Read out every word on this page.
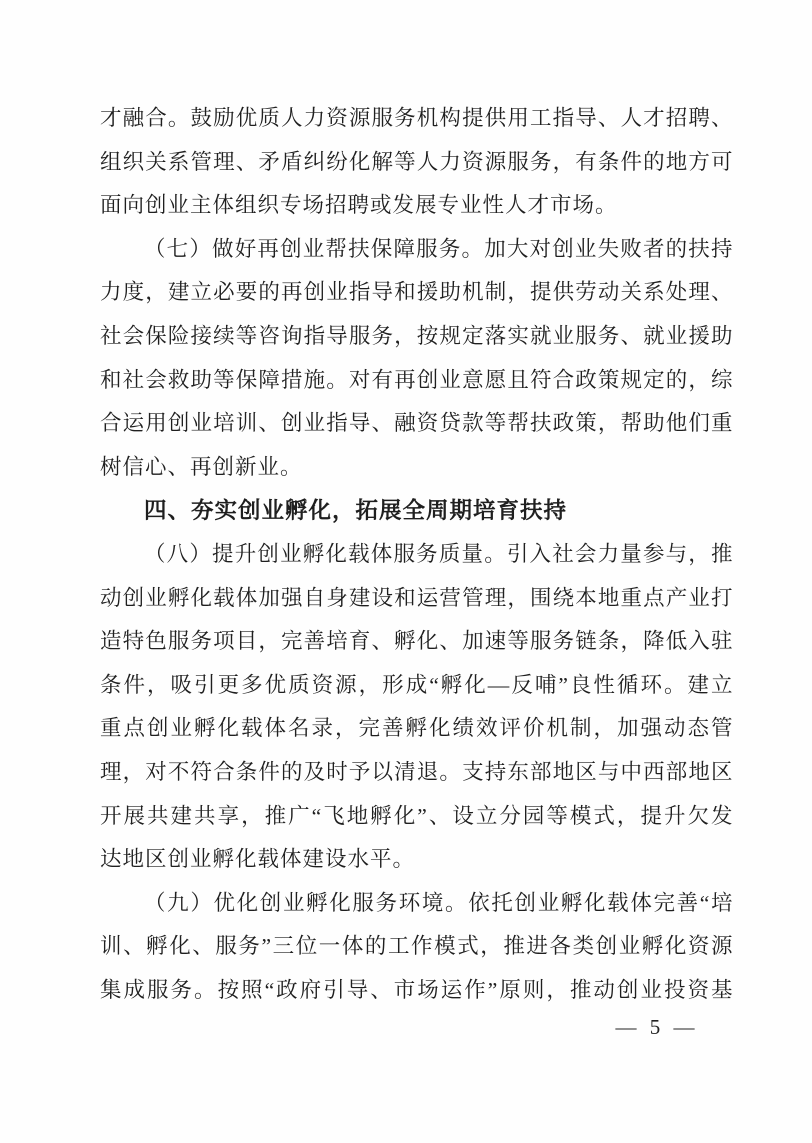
才融合。鼓励优质人力资源服务机构提供用工指导、人才招聘、
组织关系管理、矛盾纠纷化解等人力资源服务，有条件的地方可
面向创业主体组织专场招聘或发展专业性人才市场。
（七）做好再创业帮扶保障服务。加大对创业失败者的扶持
力度，建立必要的再创业指导和援助机制，提供劳动关系处理、
社会保险接续等咨询指导服务，按规定落实就业服务、就业援助
和社会救助等保障措施。对有再创业意愿且符合政策规定的，综
合运用创业培训、创业指导、融资贷款等帮扶政策，帮助他们重
树信心、再创新业。
四、夯实创业孵化，拓展全周期培育扶持
（八）提升创业孵化载体服务质量。引入社会力量参与，推
动创业孵化载体加强自身建设和运营管理，围绕本地重点产业打
造特色服务项目，完善培育、孵化、加速等服务链条，降低入驻
条件，吸引更多优质资源，形成“孵化—反哺”良性循环。建立
重点创业孵化载体名录，完善孵化绩效评价机制，加强动态管
理，对不符合条件的及时予以清退。支持东部地区与中西部地区
开展共建共享，推广“飞地孵化”、设立分园等模式，提升欠发
达地区创业孵化载体建设水平。
（九）优化创业孵化服务环境。依托创业孵化载体完善“培
训、孵化、服务”三位一体的工作模式，推进各类创业孵化资源
集成服务。按照“政府引导、市场运作”原则，推动创业投资基
— 5 —
